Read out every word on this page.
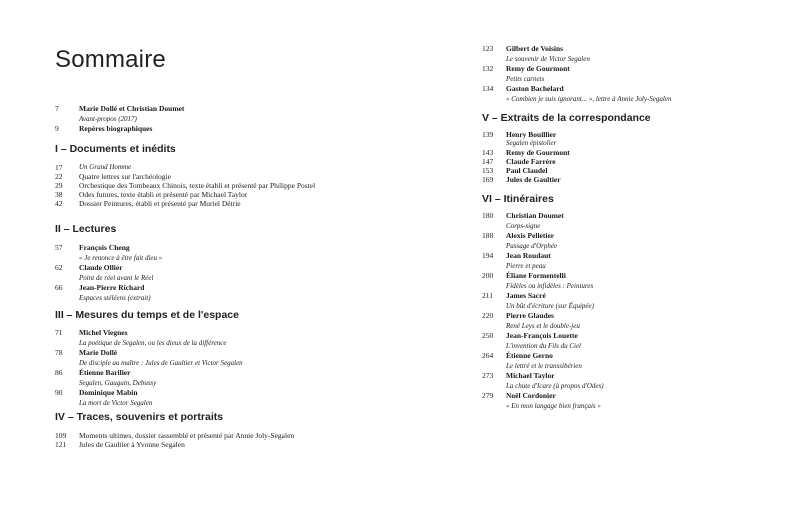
Sommaire
7	Marie Dollé et Christian Doumet
Avant-propos (2017)
9	Repères biographiques
I – Documents et inédits
17	Un Grand Homme
22	Quatre lettres sur l'archéologie
29	Orchestique des Tombeaux Chinois, texte établi et présenté par Philippe Postel
38	Odes futures, texte établi et présenté par Michael Taylor
42	Dossier Peintures, établi et présenté par Muriel Détrie
II – Lectures
57	François Cheng
« Je renonce à être fait dieu »
62	Claude Ollier
Point de réel avant le Réel
66	Jean-Pierre Richard
Espaces stéléens (extrait)
III – Mesures du temps et de l'espace
71	Michel Viegnes
La poétique de Segalen, ou les dieux de la différence
78	Marie Dollé
De disciple au maître : Jules de Gaultier et Victor Segalen
86	Étienne Barilier
Segalen, Gauguin, Debussy
90	Dominique Mabin
La mort de Victor Segalen
IV – Traces, souvenirs et portraits
109	Moments ultimes, dossier rassemblé et présenté par Annie Joly-Segalen
121	Jules de Gaultier à Yvonne Segalen
123	Gilbert de Voisins
Le souvenir de Victor Segalen
132	Remy de Gourmont
Petits carnets
134	Gaston Bachelard
« Combien je suis ignorant... », lettre à Annie Joly-Segalen
V – Extraits de la correspondance
139	Henry Bouillier
Segalen épistolier
143	Remy de Gourmont
147	Claude Farrère
153	Paul Claudel
169	Jules de Gaultier
VI – Itinéraires
180	Christian Doumet
Corps-signe
188	Alexis Pelletier
Passage d'Orphée
194	Jean Roudaut
Pierre et peau
200	Éliane Formentelli
Fidèles ou infidèles : Peintures
211	James Sacré
Un bût d'écriture (sur Équipée)
220	Pierre Glaudes
René Leys et le double-jeu
250	Jean-François Louette
L'invention du Fils du Ciel
264	Étienne Gerno
Le lettré et le transsibérien
273	Michael Taylor
La chute d'Icare (à propos d'Odes)
279	Noël Cordonier
« En mon langage bien français »
